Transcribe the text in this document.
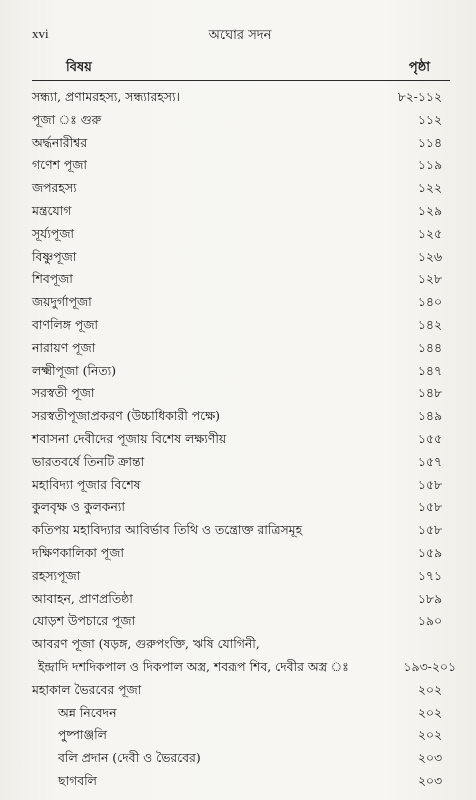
xvi	অঘোর সদন
বিষয়	পৃষ্ঠা
সন্ধ্যা, প্রণামরহস্য, সন্ধ্যারহস্য।	৮২-১১২
পূজা ঃ গুরু	১১২
অর্দ্ধনারীশ্বর	১১৪
গণেশ পূজা	১১৯
জপরহস্য	১২২
মন্ত্রযোগ	১২৯
সূর্য্যপূজা	১২৫
বিষ্ণুপূজা	১২৬
শিবপূজা	১২৮
জয়দুর্গাপূজা	১৪০
বাণলিঙ্গ পূজা	১৪২
নারায়ণ পূজা	১৪৪
লক্ষ্মীপূজা (নিত্য)	১৪৭
সরস্বতী পূজা	১৪৮
সরস্বতীপূজাপ্রকরণ (উচ্চাধিকারী পক্ষে)	১৪৯
শবাসনা দেবীদের পূজায় বিশেষ লক্ষ্যণীয়	১৫৫
ভারতবর্ষে তিনটি ক্রান্তা	১৫৭
মহাবিদ্যা পূজার বিশেষ	১৫৮
কুলবৃক্ষ ও কুলকন্যা	১৫৮
কতিপয় মহাবিদ্যার আবির্ভাব তিথি ও তন্ত্রোক্ত রাত্রিসমূহ	১৫৮
দক্ষিণকালিকা পূজা	১৫৯
রহস্যপূজা	১৭১
আবাহন, প্রাণপ্রতিষ্ঠা	১৮৯
যোড়শ উপচারে পূজা	১৯০
আবরণ পূজা (ষড়ঙ্গ, গুরুপংক্তি, ঋষি যোগিনী,
ইন্দ্রাদি দশদিকপাল ও দিকপাল অস্ত্র, শবরূপ শিব, দেবীর অস্ত্র ঃ	১৯৩-২০১
মহাকাল ভৈরবের পূজা	২০২
অন্ন নিবেদন	২০২
পুষ্পাঞ্জলি	২০২
বলি প্রদান (দেবী ও ভৈরবের)	২০৩
ছাগবলি	২০৩
